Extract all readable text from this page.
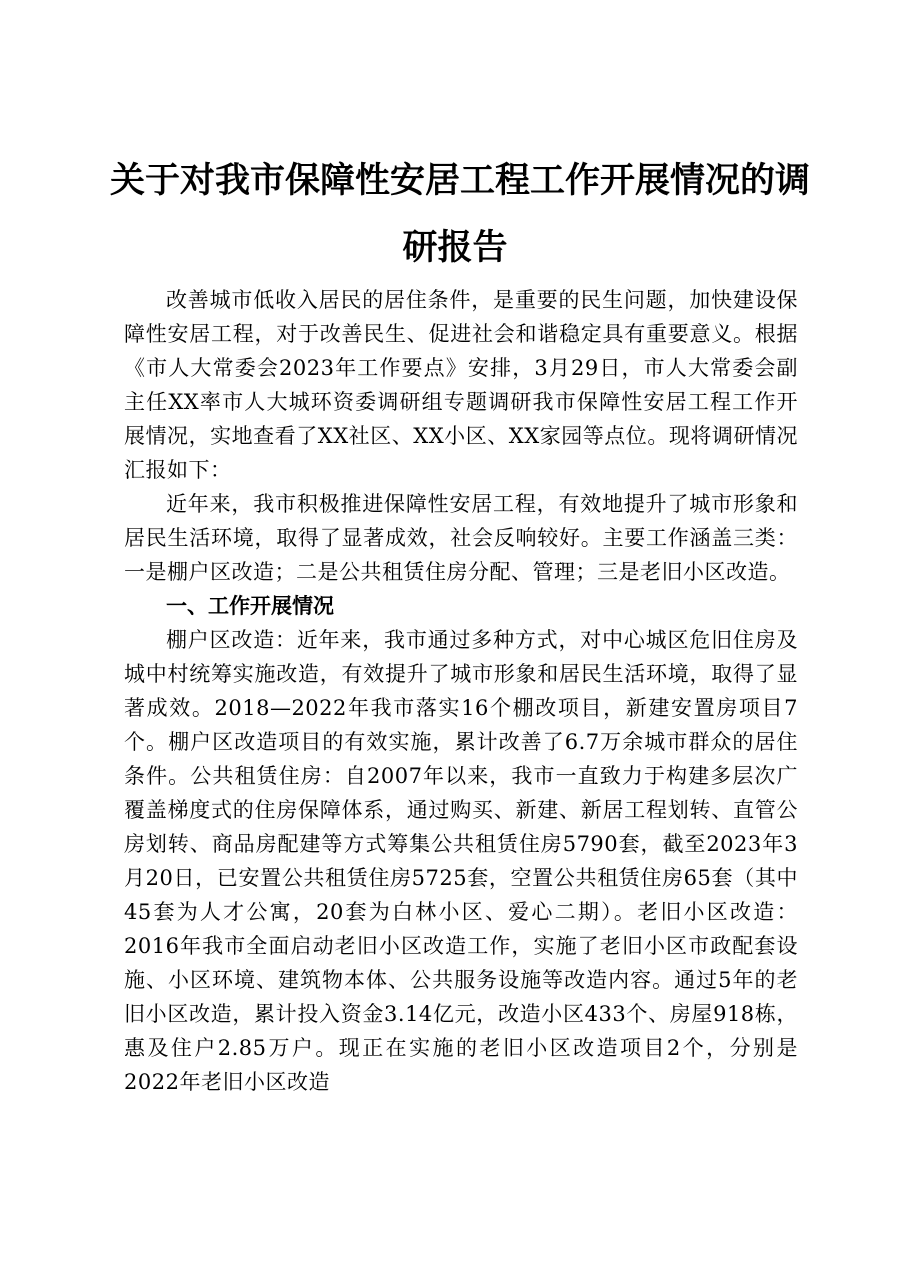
关于对我市保障性安居工程工作开展情况的调
研报告

改善城市低收入居民的居住条件，是重要的民生问题，加快建设保障性安居工程，对于改善民生、促进社会和谐稳定具有重要意义。根据《市人大常委会2023年工作要点》安排，3月29日，市人大常委会副主任XX率市人大城环资委调研组专题调研我市保障性安居工程工作开展情况，实地查看了XX社区、XX小区、XX家园等点位。现将调研情况汇报如下：

近年来，我市积极推进保障性安居工程，有效地提升了城市形象和居民生活环境，取得了显著成效，社会反响较好。主要工作涵盖三类：一是棚户区改造；二是公共租赁住房分配、管理；三是老旧小区改造。

一、工作开展情况

棚户区改造：近年来，我市通过多种方式，对中心城区危旧住房及城中村统筹实施改造，有效提升了城市形象和居民生活环境，取得了显著成效。2018—2022年我市落实16个棚改项目，新建安置房项目7个。棚户区改造项目的有效实施，累计改善了6.7万余城市群众的居住条件。公共租赁住房：自2007年以来，我市一直致力于构建多层次广覆盖梯度式的住房保障体系，通过购买、新建、新居工程划转、直管公房划转、商品房配建等方式筹集公共租赁住房5790套，截至2023年3月20日，已安置公共租赁住房5725套，空置公共租赁住房65套（其中45套为人才公寓，20套为白林小区、爱心二期）。老旧小区改造：2016年我市全面启动老旧小区改造工作，实施了老旧小区市政配套设施、小区环境、建筑物本体、公共服务设施等改造内容。通过5年的老旧小区改造，累计投入资金3.14亿元，改造小区433个、房屋918栋，惠及住户2.85万户。现正在实施的老旧小区改造项目2个，分别是2022年老旧小区改造
